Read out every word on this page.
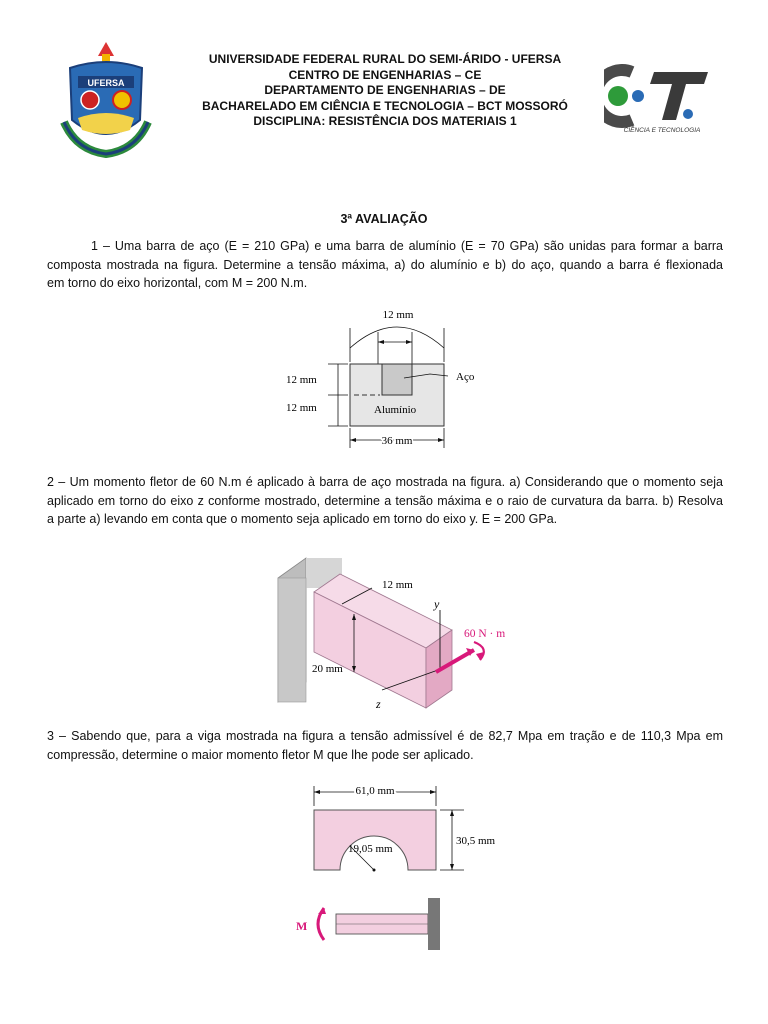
UFERSA
UNIVERSIDADE FEDERAL RURAL DO SEMI-ÁRIDO - UFERSA
CENTRO DE ENGENHARIAS – CE
DEPARTAMENTO DE ENGENHARIAS – DE
BACHARELADO EM CIÊNCIA E TECNOLOGIA – BCT MOSSORÓ
DISCIPLINA: RESISTÊNCIA DOS MATERIAIS 1
CIÊNCIA E TECNOLOGIA
3ª AVALIAÇÃO
1 – Uma barra de aço (E = 210 GPa) e uma barra de alumínio (E = 70 GPa) são unidas para formar a barra
composta mostrada na figura. Determine a tensão máxima, a) do alumínio e b) do aço, quando a barra é flexionada
em torno do eixo horizontal, com M = 200 N.m.
12 mm
12 mm
12 mm
Aço
Alumínio
36 mm
2 – Um momento fletor de 60 N.m é aplicado à barra de aço mostrada na figura. a) Considerando que o momento seja
aplicado em torno do eixo z conforme mostrado, determine a tensão máxima e o raio de curvatura da barra. b) Resolva
a parte a) levando em conta que o momento seja aplicado em torno do eixo y. E = 200 GPa.
y
z
12 mm
20 mm
60 N · m
3 – Sabendo que, para a viga mostrada na figura a tensão admissível é de 82,7 Mpa em tração e de 110,3 Mpa em
compressão, determine o maior momento fletor M que lhe pode ser aplicado.
61,0 mm
19,05 mm
30,5 mm
M
